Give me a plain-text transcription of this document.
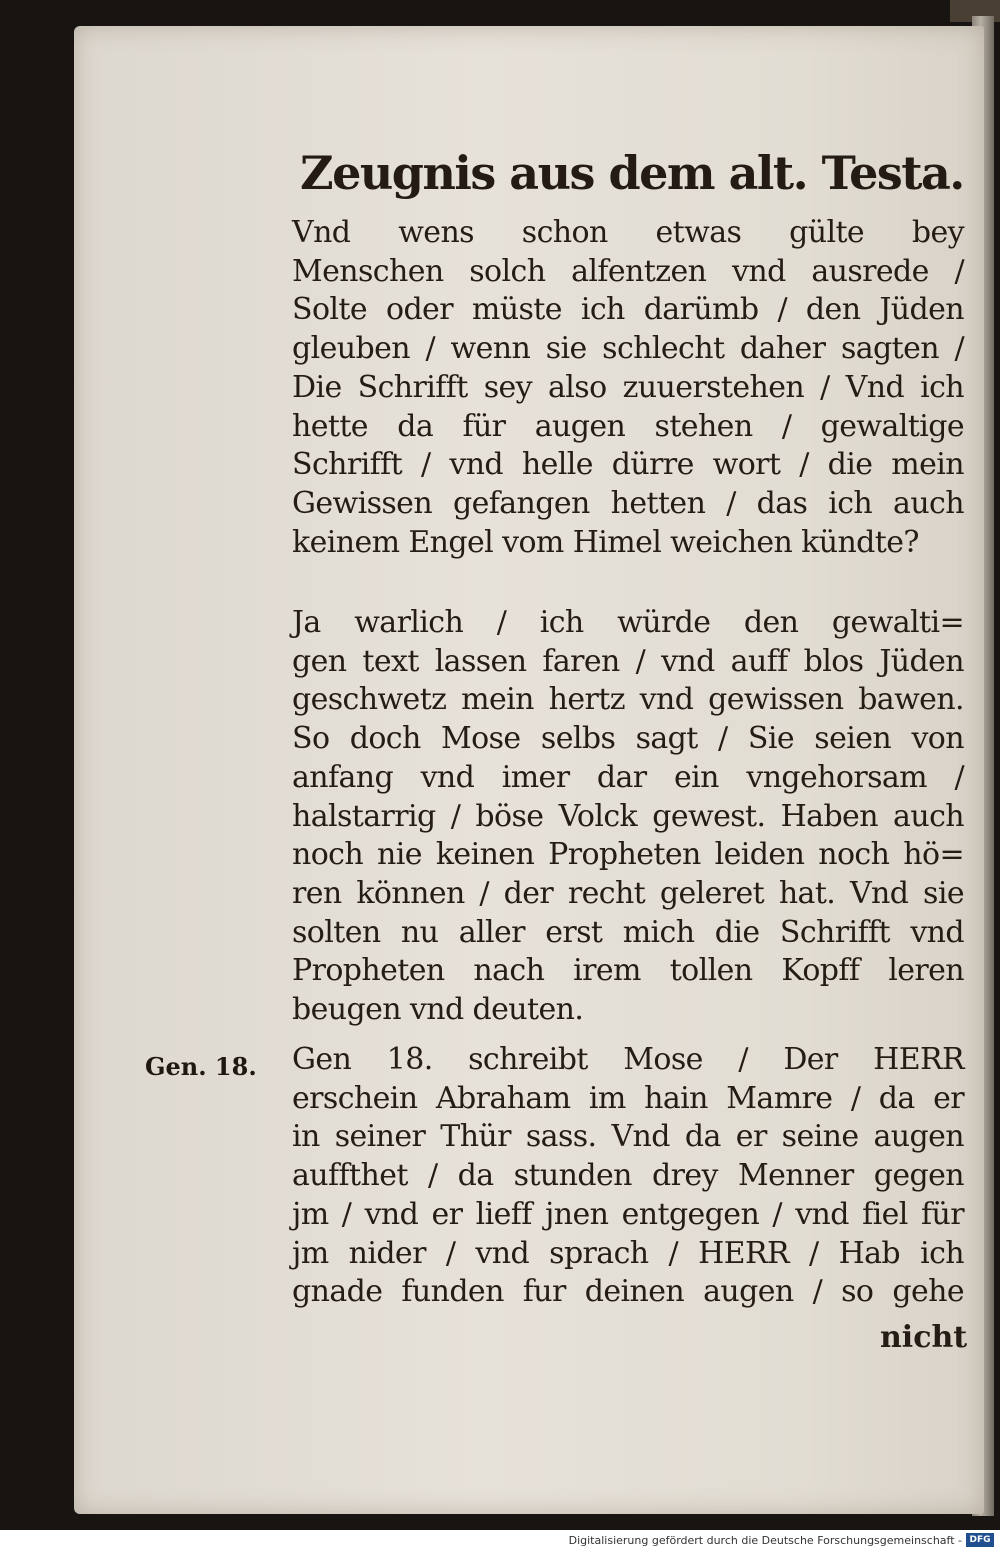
Zeugnis aus dem alt. Testa.
Vnd wens schon etwas gülte bey
Menschen solch alfentzen vnd ausrede /
Solte oder müste ich darümb / den Jüden
gleuben / wenn sie schlecht daher sagten /
Die Schrifft sey also zuuerstehen / Vnd ich
hette da für augen stehen / gewaltige
Schrifft / vnd helle dürre wort / die mein
Gewissen gefangen hetten / das ich auch
keinem Engel vom Himel weichen kündte?
Ja warlich / ich würde den gewalti=
gen text lassen faren / vnd auff blos Jüden
geschwetz mein hertz vnd gewissen bawen.
So doch Mose selbs sagt / Sie seien von
anfang vnd imer dar ein vngehorsam /
halstarrig / böse Volck gewest. Haben auch
noch nie keinen Propheten leiden noch hö=
ren können / der recht geleret hat. Vnd sie
solten nu aller erst mich die Schrifft vnd
Propheten nach irem tollen Kopff leren
beugen vnd deuten.
Gen. 18. Gen 18. schreibt Mose / Der HERR
erschein Abraham im hain Mamre / da er
in seiner Thür sass. Vnd da er seine augen
auffthet / da stunden drey Menner gegen
jm / vnd er lieff jnen entgegen / vnd fiel für
jm nider / vnd sprach / HERR / Hab ich
gnade funden fur deinen augen / so gehe
nicht
Digitalisierung gefördert durch die Deutsche Forschungsgemeinschaft - DFG
